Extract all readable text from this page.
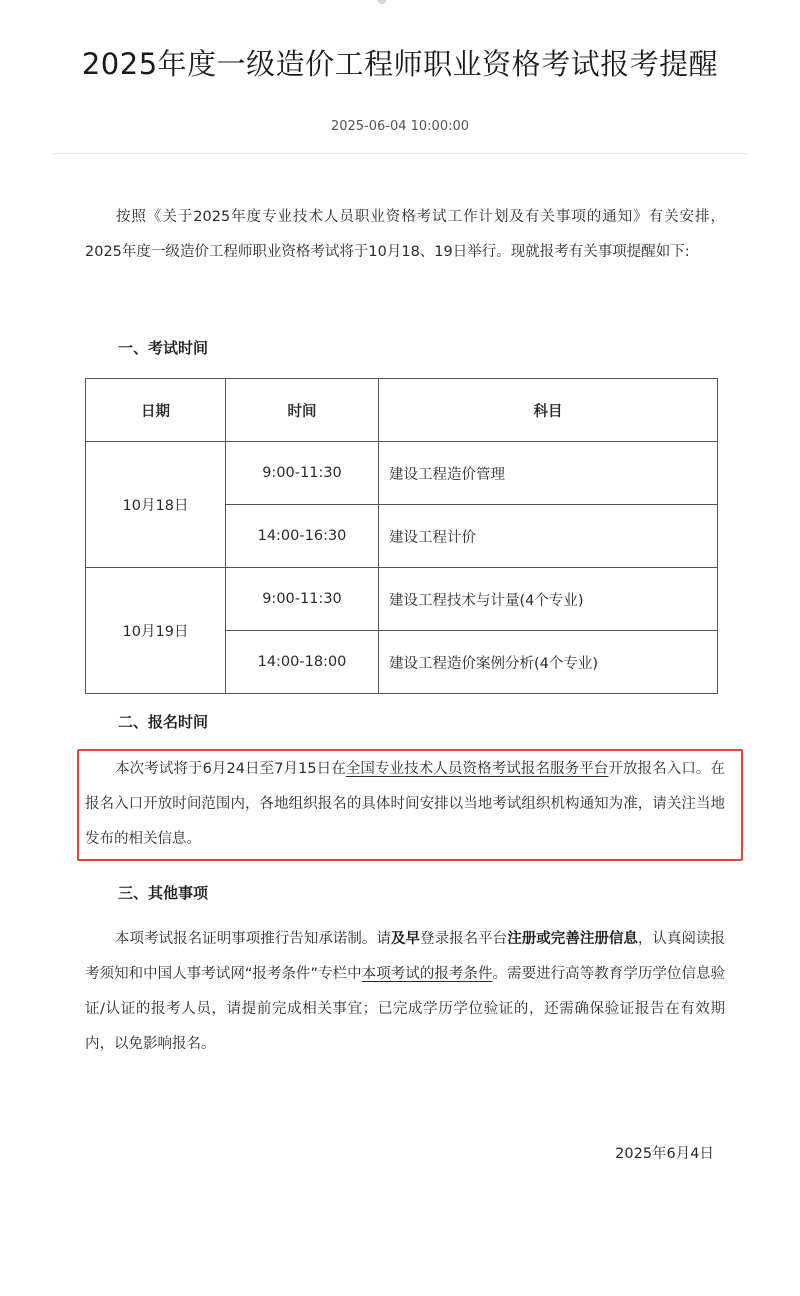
2025年度一级造价工程师职业资格考试报考提醒
2025-06-04 10:00:00

按照《关于2025年度专业技术人员职业资格考试工作计划及有关事项的通知》有关安排，2025年度一级造价工程师职业资格考试将于10月18、19日举行。现就报考有关事项提醒如下:

一、考试时间
日期	时间	科目
10月18日	9:00-11:30	建设工程造价管理
	14:00-16:30	建设工程计价
10月19日	9:00-11:30	建设工程技术与计量(4个专业)
	14:00-18:00	建设工程造价案例分析(4个专业)
二、报名时间

本次考试将于6月24日至7月15日在全国专业技术人员资格考试报名服务平台开放报名入口。在报名入口开放时间范围内，各地组织报名的具体时间安排以当地考试组织机构通知为准，请关注当地发布的相关信息。

三、其他事项

本项考试报名证明事项推行告知承诺制。请及早登录报名平台注册或完善注册信息，认真阅读报考须知和中国人事考试网“报考条件”专栏中本项考试的报考条件。需要进行高等教育学历学位信息验证/认证的报考人员，请提前完成相关事宜；已完成学历学位验证的，还需确保验证报告在有效期内，以免影响报名。

2025年6月4日
